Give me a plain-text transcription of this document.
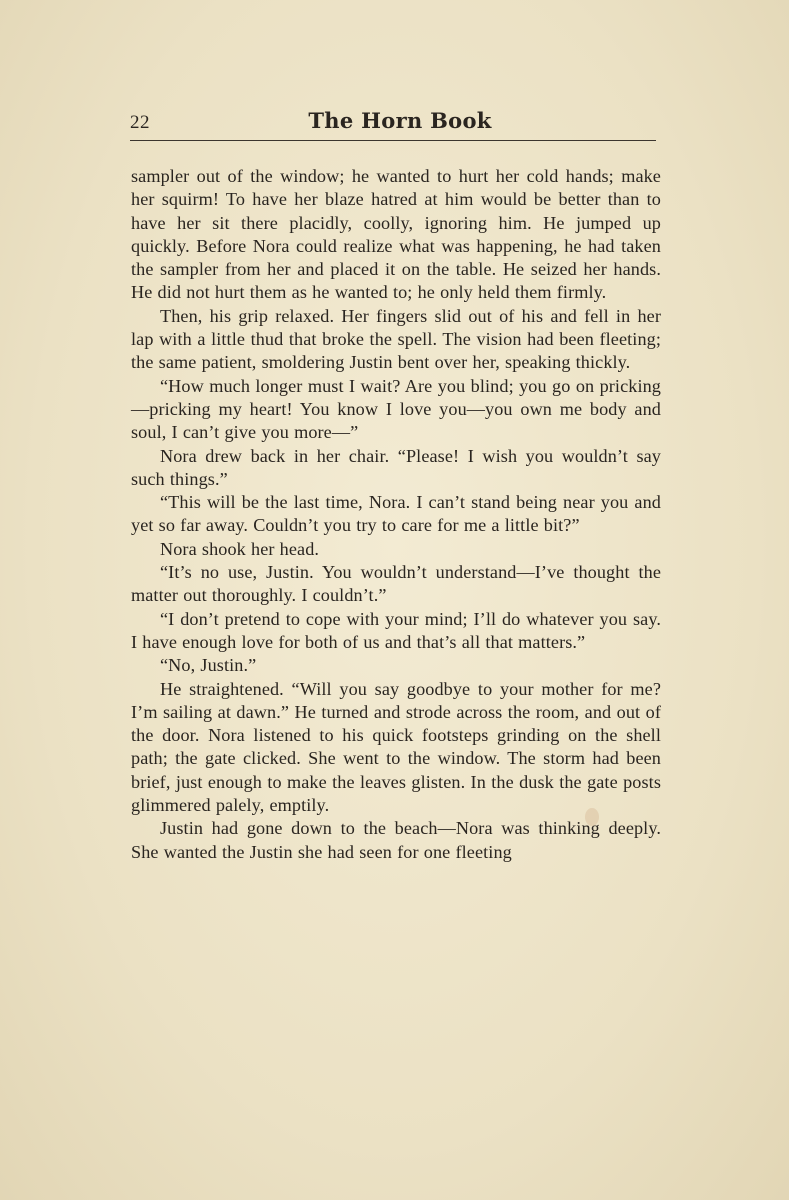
22	The Horn Book

sampler out of the window; he wanted to hurt her cold hands; make her squirm! To have her blaze hatred at him would be better than to have her sit there placidly, coolly, ignoring him. He jumped up quickly. Before Nora could realize what was happening, he had taken the sampler from her and placed it on the table. He seized her hands. He did not hurt them as he wanted to; he only held them firmly.

Then, his grip relaxed. Her fingers slid out of his and fell in her lap with a little thud that broke the spell. The vision had been fleeting; the same patient, smoldering Justin bent over her, speaking thickly.

“How much longer must I wait? Are you blind; you go on pricking—pricking my heart! You know I love you—you own me body and soul, I can’t give you more—”

Nora drew back in her chair. “Please! I wish you wouldn’t say such things.”

“This will be the last time, Nora. I can’t stand being near you and yet so far away. Couldn’t you try to care for me a little bit?”

Nora shook her head.

“It’s no use, Justin. You wouldn’t understand—I’ve thought the matter out thoroughly. I couldn’t.”

“I don’t pretend to cope with your mind; I’ll do whatever you say. I have enough love for both of us and that’s all that matters.”

“No, Justin.”

He straightened. “Will you say goodbye to your mother for me? I’m sailing at dawn.” He turned and strode across the room, and out of the door. Nora listened to his quick footsteps grinding on the shell path; the gate clicked. She went to the window. The storm had been brief, just enough to make the leaves glisten. In the dusk the gate posts glimmered palely, emptily.

Justin had gone down to the beach—Nora was thinking deeply. She wanted the Justin she had seen for one fleeting
